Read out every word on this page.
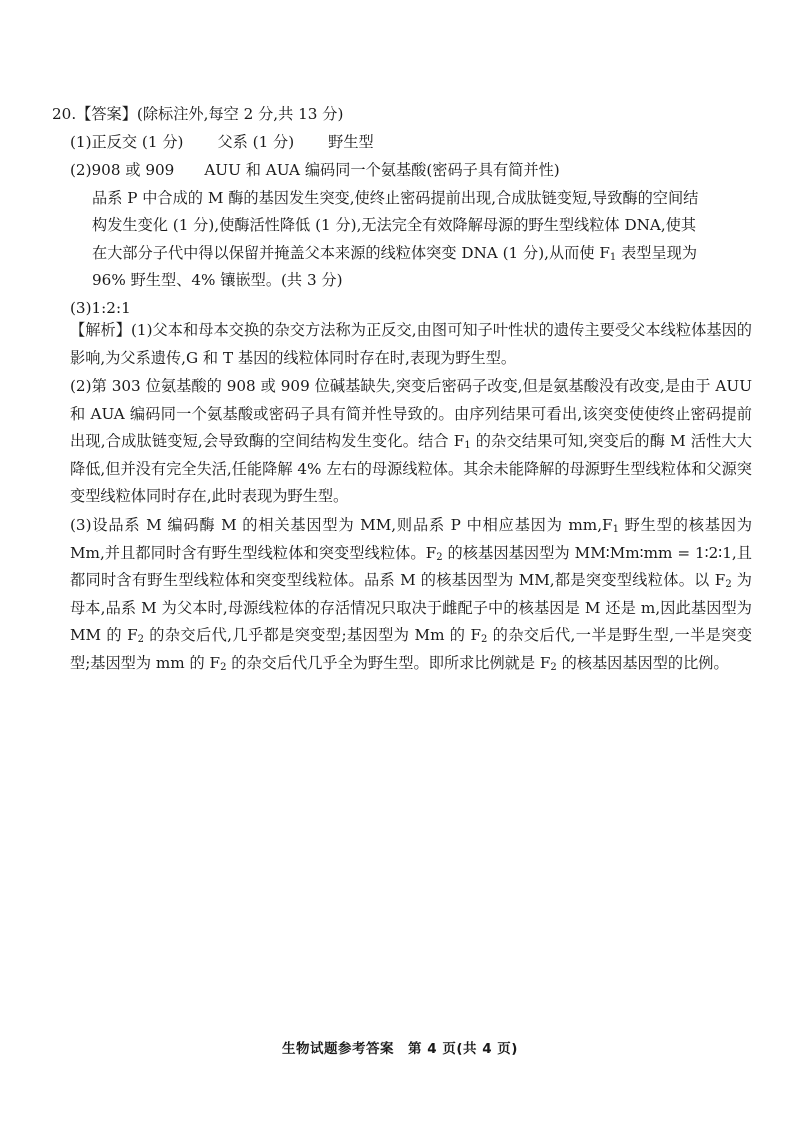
20.【答案】(除标注外,每空 2 分,共 13 分)
(1)正反交 (1 分) 父系 (1 分) 野生型
(2)908 或 909 AUU 和 AUA 编码同一个氨基酸(密码子具有简并性)
品系 P 中合成的 M 酶的基因发生突变,使终止密码提前出现,合成肽链变短,导致酶的空间结
构发生变化 (1 分),使酶活性降低 (1 分),无法完全有效降解母源的野生型线粒体 DNA,使其
在大部分子代中得以保留并掩盖父本来源的线粒体突变 DNA (1 分),从而使 $F_1$ 表型呈现为
96% 野生型、4% 镶嵌型。(共 3 分)
(3)1:2:1
【解析】(1)父本和母本交换的杂交方法称为正反交,由图可知子叶性状的遗传主要受父本线粒体基因的影响,为父系遗传,G 和 T 基因的线粒体同时存在时,表现为野生型。
(2)第 303 位氨基酸的 908 或 909 位碱基缺失,突变后密码子改变,但是氨基酸没有改变,是由于 AUU 和 AUA 编码同一个氨基酸或密码子具有简并性导致的。由序列结果可看出,该突变使使终止密码提前出现,合成肽链变短,会导致酶的空间结构发生变化。结合 $F_1$ 的杂交结果可知,突变后的酶 M 活性大大降低,但并没有完全失活,任能降解 4% 左右的母源线粒体。其余未能降解的母源野生型线粒体和父源突变型线粒体同时存在,此时表现为野生型。
(3)设品系 M 编码酶 M 的相关基因型为 MM,则品系 P 中相应基因为 $mm,F_1$ 野生型的核基因为 Mm,并且都同时含有野生型线粒体和突变型线粒体。$F_2$ 的核基因基因型为 MM∶Mm∶mm = 1∶2∶1,且都同时含有野生型线粒体和突变型线粒体。品系 M 的核基因型为 MM,都是突变型线粒体。以 $F_2$ 为母本,品系 M 为父本时,母源线粒体的存活情况只取决于雌配子中的核基因是 M 还是 m,因此基因型为 MM 的 $F_2$ 的杂交后代,几乎都是突变型;基因型为 Mm 的 $F_2$ 的杂交后代,一半是野生型,一半是突变型;基因型为 mm 的 $F_2$ 的杂交后代几乎全为野生型。即所求比例就是 $F_2$ 的核基因基因型的比例。
生物试题参考答案　第 4 页(共 4 页)
